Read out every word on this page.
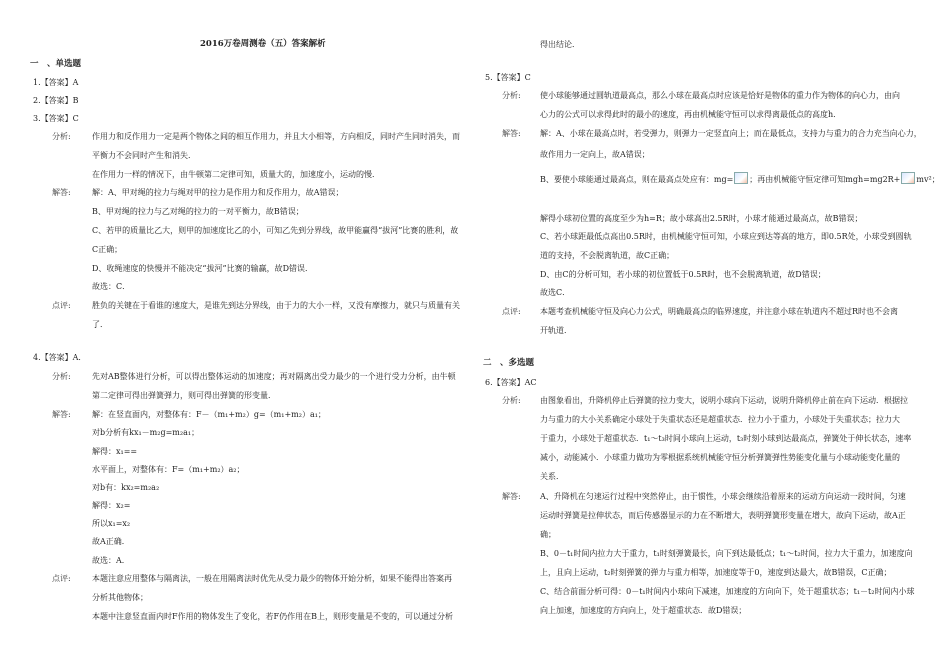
2016万卷周测卷（五）答案解析
一　、单选题
1.【答案】A
2.【答案】B
3.【答案】C
分析:	作用力和反作用力一定是两个物体之间的相互作用力，并且大小相等，方向相反，同时产生同时消失，而
平衡力不会同时产生和消失．
在作用力一样的情况下，由牛顿第二定律可知，质量大的，加速度小，运动的慢．
解答:	解：A、甲对绳的拉力与绳对甲的拉力是作用力和反作用力，故A错误；
B、甲对绳的拉力与乙对绳的拉力的一对平衡力，故B错误；
C、若甲的质量比乙大，则甲的加速度比乙的小，可知乙先到分界线，故甲能赢得“拔河”比赛的胜利，故
C正确；
D、收绳速度的快慢并不能决定“拔河”比赛的输赢，故D错误．
故选：C．
点评:	胜负的关键在于看谁的速度大，是谁先到达分界线，由于力的大小一样，又没有摩擦力，就只与质量有关
了．
4.【答案】A．
分析:	先对AB整体进行分析，可以得出整体运动的加速度；再对隔离出受力最少的一个进行受力分析，由牛顿
第二定律可得出弹簧弹力，则可得出弹簧的形变量．
解答:	解：在竖直面内，对整体有：F－（m₁+m₂）g=（m₁+m₂）a₁；
对b分析有kx₁－m₂g=m₂a₁；
解得：x₁==
水平面上，对整体有：F=（m₁+m₂）a₂；
对b有：kx₂=m₂a₂
解得：x₂=
所以x₁=x₂
故A正确．
故选：A．
点评:	本题注意应用整体与隔离法，一般在用隔离法时优先从受力最少的物体开始分析，如果不能得出答案再
分析其他物体；
本题中注意竖直面内时F作用的物体发生了变化，若F仍作用在B上，则形变量是不变的，可以通过分析
得出结论．
5.【答案】C
分析: 使小球能够通过圆轨道最高点，那么小球在最高点时应该是恰好是物体的重力作为物体的向心力，由向
心力的公式可以求得此时的最小的速度，再由机械能守恒可以求得离最低点的高度h．
解答: 解：A、小球在最高点时，若受弹力，则弹力一定竖直向上；而在最低点，支持力与重力的合力充当向心力，
故作用力一定向上，故A错误；
B、要使小球能通过最高点，则在最高点处应有：mg= ；再由机械能守恒定律可知mgh=mg2R+ mv²；
解得小球初位置的高度至少为h=R；故小球高出2.5R时，小球才能通过最高点，故B错误；
C、若小球距最低点高出0.5R时，由机械能守恒可知，小球应到达等高的地方，即0.5R处，小球受到圆轨
道的支持，不会脱离轨道，故C正确；
D、由C的分析可知，若小球的初位置低于0.5R时，也不会脱离轨道，故D错误；
故选C．
点评: 本题考查机械能守恒及向心力公式，明确最高点的临界速度，并注意小球在轨道内不超过R时也不会离
开轨道．
二　、多选题
6.【答案】AC
分析: 由图象看出，升降机停止后弹簧的拉力变大，说明小球向下运动，说明升降机停止前在向下运动．根据拉
力与重力的大小关系确定小球处于失重状态还是超重状态．拉力小于重力，小球处于失重状态；拉力大
于重力，小球处于超重状态．t₁～t₃时间小球向上运动，t₃时刻小球到达最高点，弹簧处于伸长状态，速率
减小，动能减小．小球重力做功为零根据系统机械能守恒分析弹簧弹性势能变化量与小球动能变化量的
关系．
解答: A、升降机在匀速运行过程中突然停止，由于惯性，小球会继续沿着原来的运动方向运动一段时间，匀速
运动时弹簧是拉伸状态，而后传感器显示的力在不断增大，表明弹簧形变量在增大，故向下运动，故A正
确；
B、0－t₁时间内拉力大于重力，t₁时刻弹簧最长，向下到达最低点；t₁～t₂时间，拉力大于重力，加速度向
上，且向上运动，t₂时刻弹簧的弹力与重力相等，加速度等于0，速度到达最大，故B错误，C正确；
C、结合前面分析可得：0－t₁时间内小球向下减速，加速度的方向向下，处于超重状态；t₁－t₂时间内小球
向上加速，加速度的方向向上，处于超重状态．故D错误；
